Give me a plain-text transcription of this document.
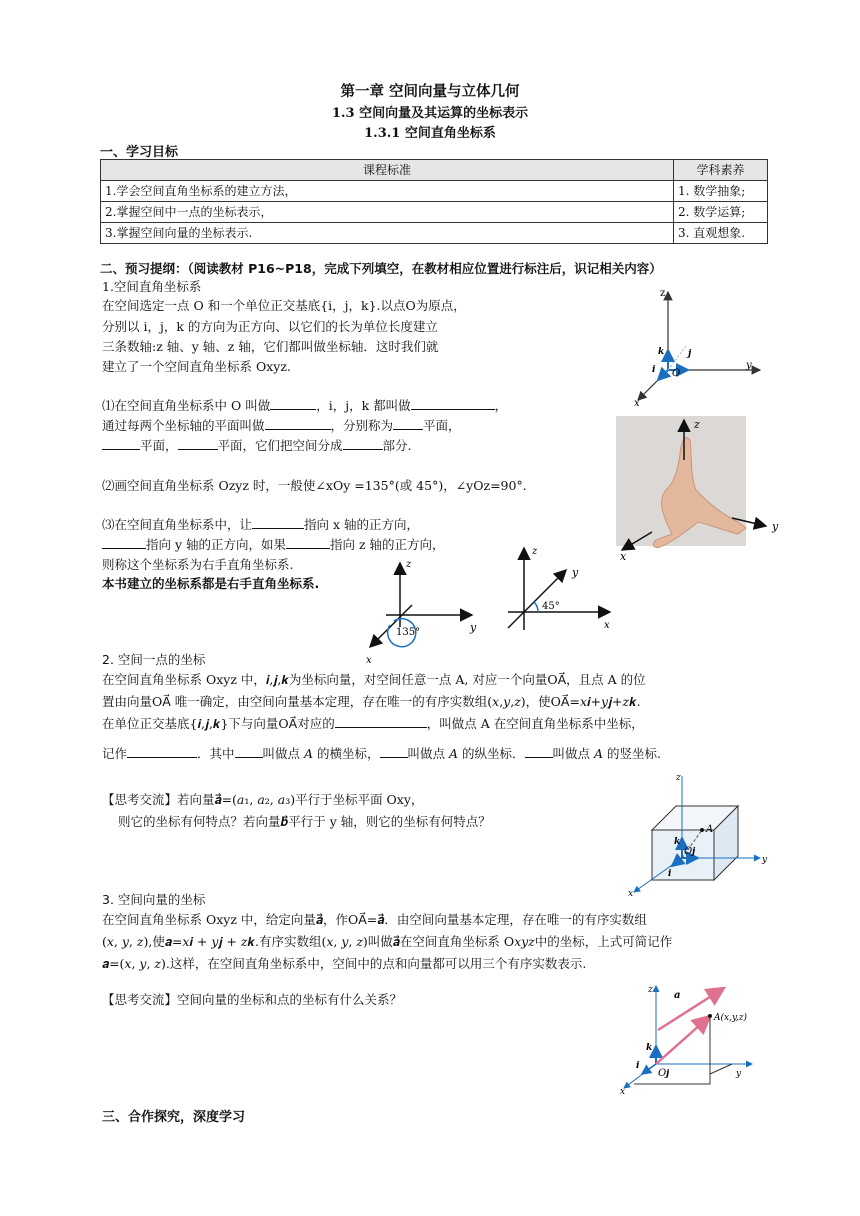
第一章 空间向量与立体几何
1.3 空间向量及其运算的坐标表示
1.3.1 空间直角坐标系
一、学习目标
课程标准	学科素养
1.学会空间直角坐标系的建立方法，	1. 数学抽象;
2.掌握空间中一点的坐标表示，	2. 数学运算;
3.掌握空间向量的坐标表示.	3. 直观想象.
二、预习提纲：（阅读教材 P16~P18，完成下列填空，在教材相应位置进行标注后，识记相关内容）
1.空间直角坐标系
在空间选定一点 O 和一个单位正交基底{i，j，k}.以点O为原点，
分别以 i，j，k 的方向为正方向、以它们的长为单位长度建立
三条数轴:z 轴、y 轴、z 轴，它们都叫做坐标轴．这时我们就
建立了一个空间直角坐标系 Oxyz.
⑴在空间直角坐标系中 O 叫做	，i，j，k 都叫做	，
通过每两个坐标轴的平面叫做	，分别称为 平面，
平面，	平面，它们把空间分成	部分.
⑵画空间直角坐标系 Ozyz 时，一般使∠xOy =135°(或 45°)，∠yOz=90°.
⑶在空间直角坐标系中，让	指向 x 轴的正方向，
指向 y 轴的正方向，如果	指向 z 轴的正方向，
则称这个坐标系为右手直角坐标系.
本书建立的坐标系都是右手直角坐标系.
2. 空间一点的坐标
在空间直角坐标系 Oxyz 中，𝒊,𝒋,𝒌为坐标向量，对空间任意一点 A, 对应一个向量OA⃗，且点 A 的位
置由向量OA⃗ 唯一确定，由空间向量基本定理，存在唯一的有序实数组(𝑥,𝑦,𝑧)，使OA⃗=𝑥𝒊+𝑦𝒋+𝑧𝒌.
在单位正交基底{𝒊,𝒋,𝒌}下与向量OA⃗对应的	，叫做点 A 在空间直角坐标系中坐标，
记作	．其中 叫做点 𝐴 的横坐标， 叫做点 𝐴 的纵坐标． 叫做点 𝐴 的竖坐标.
【思考交流】若向量𝒂⃗=(𝑎₁, 𝑎₂, 𝑎₃)平行于坐标平面 Oxy，
则它的坐标有何特点？若向量𝒃⃗平行于 y 轴，则它的坐标有何特点？
3. 空间向量的坐标
在空间直角坐标系 Oxyz 中，给定向量𝒂⃗，作OA⃗=𝒂⃗．由空间向量基本定理，存在唯一的有序实数组
(𝑥, 𝑦, 𝑧),使𝒂=𝑥𝒊 + 𝑦𝒋 + 𝑧𝒌.有序实数组(𝑥, 𝑦, 𝑧)叫做𝒂⃗在空间直角坐标系 O𝑥𝑦𝑧中的坐标，上式可简记作
𝒂=(𝑥, 𝑦, 𝑧).这样，在空间直角坐标系中，空间中的点和向量都可以用三个有序实数表示.
【思考交流】空间向量的坐标和点的坐标有什么关系？
三、合作探究，深度学习
z
y
x
O
k
i
j
z
y
x
z
y
x
135°
z
y
x
45°
z
A
O j
k
i
y
x
z a
A(x,y,z)
k
i
O j	y
x
